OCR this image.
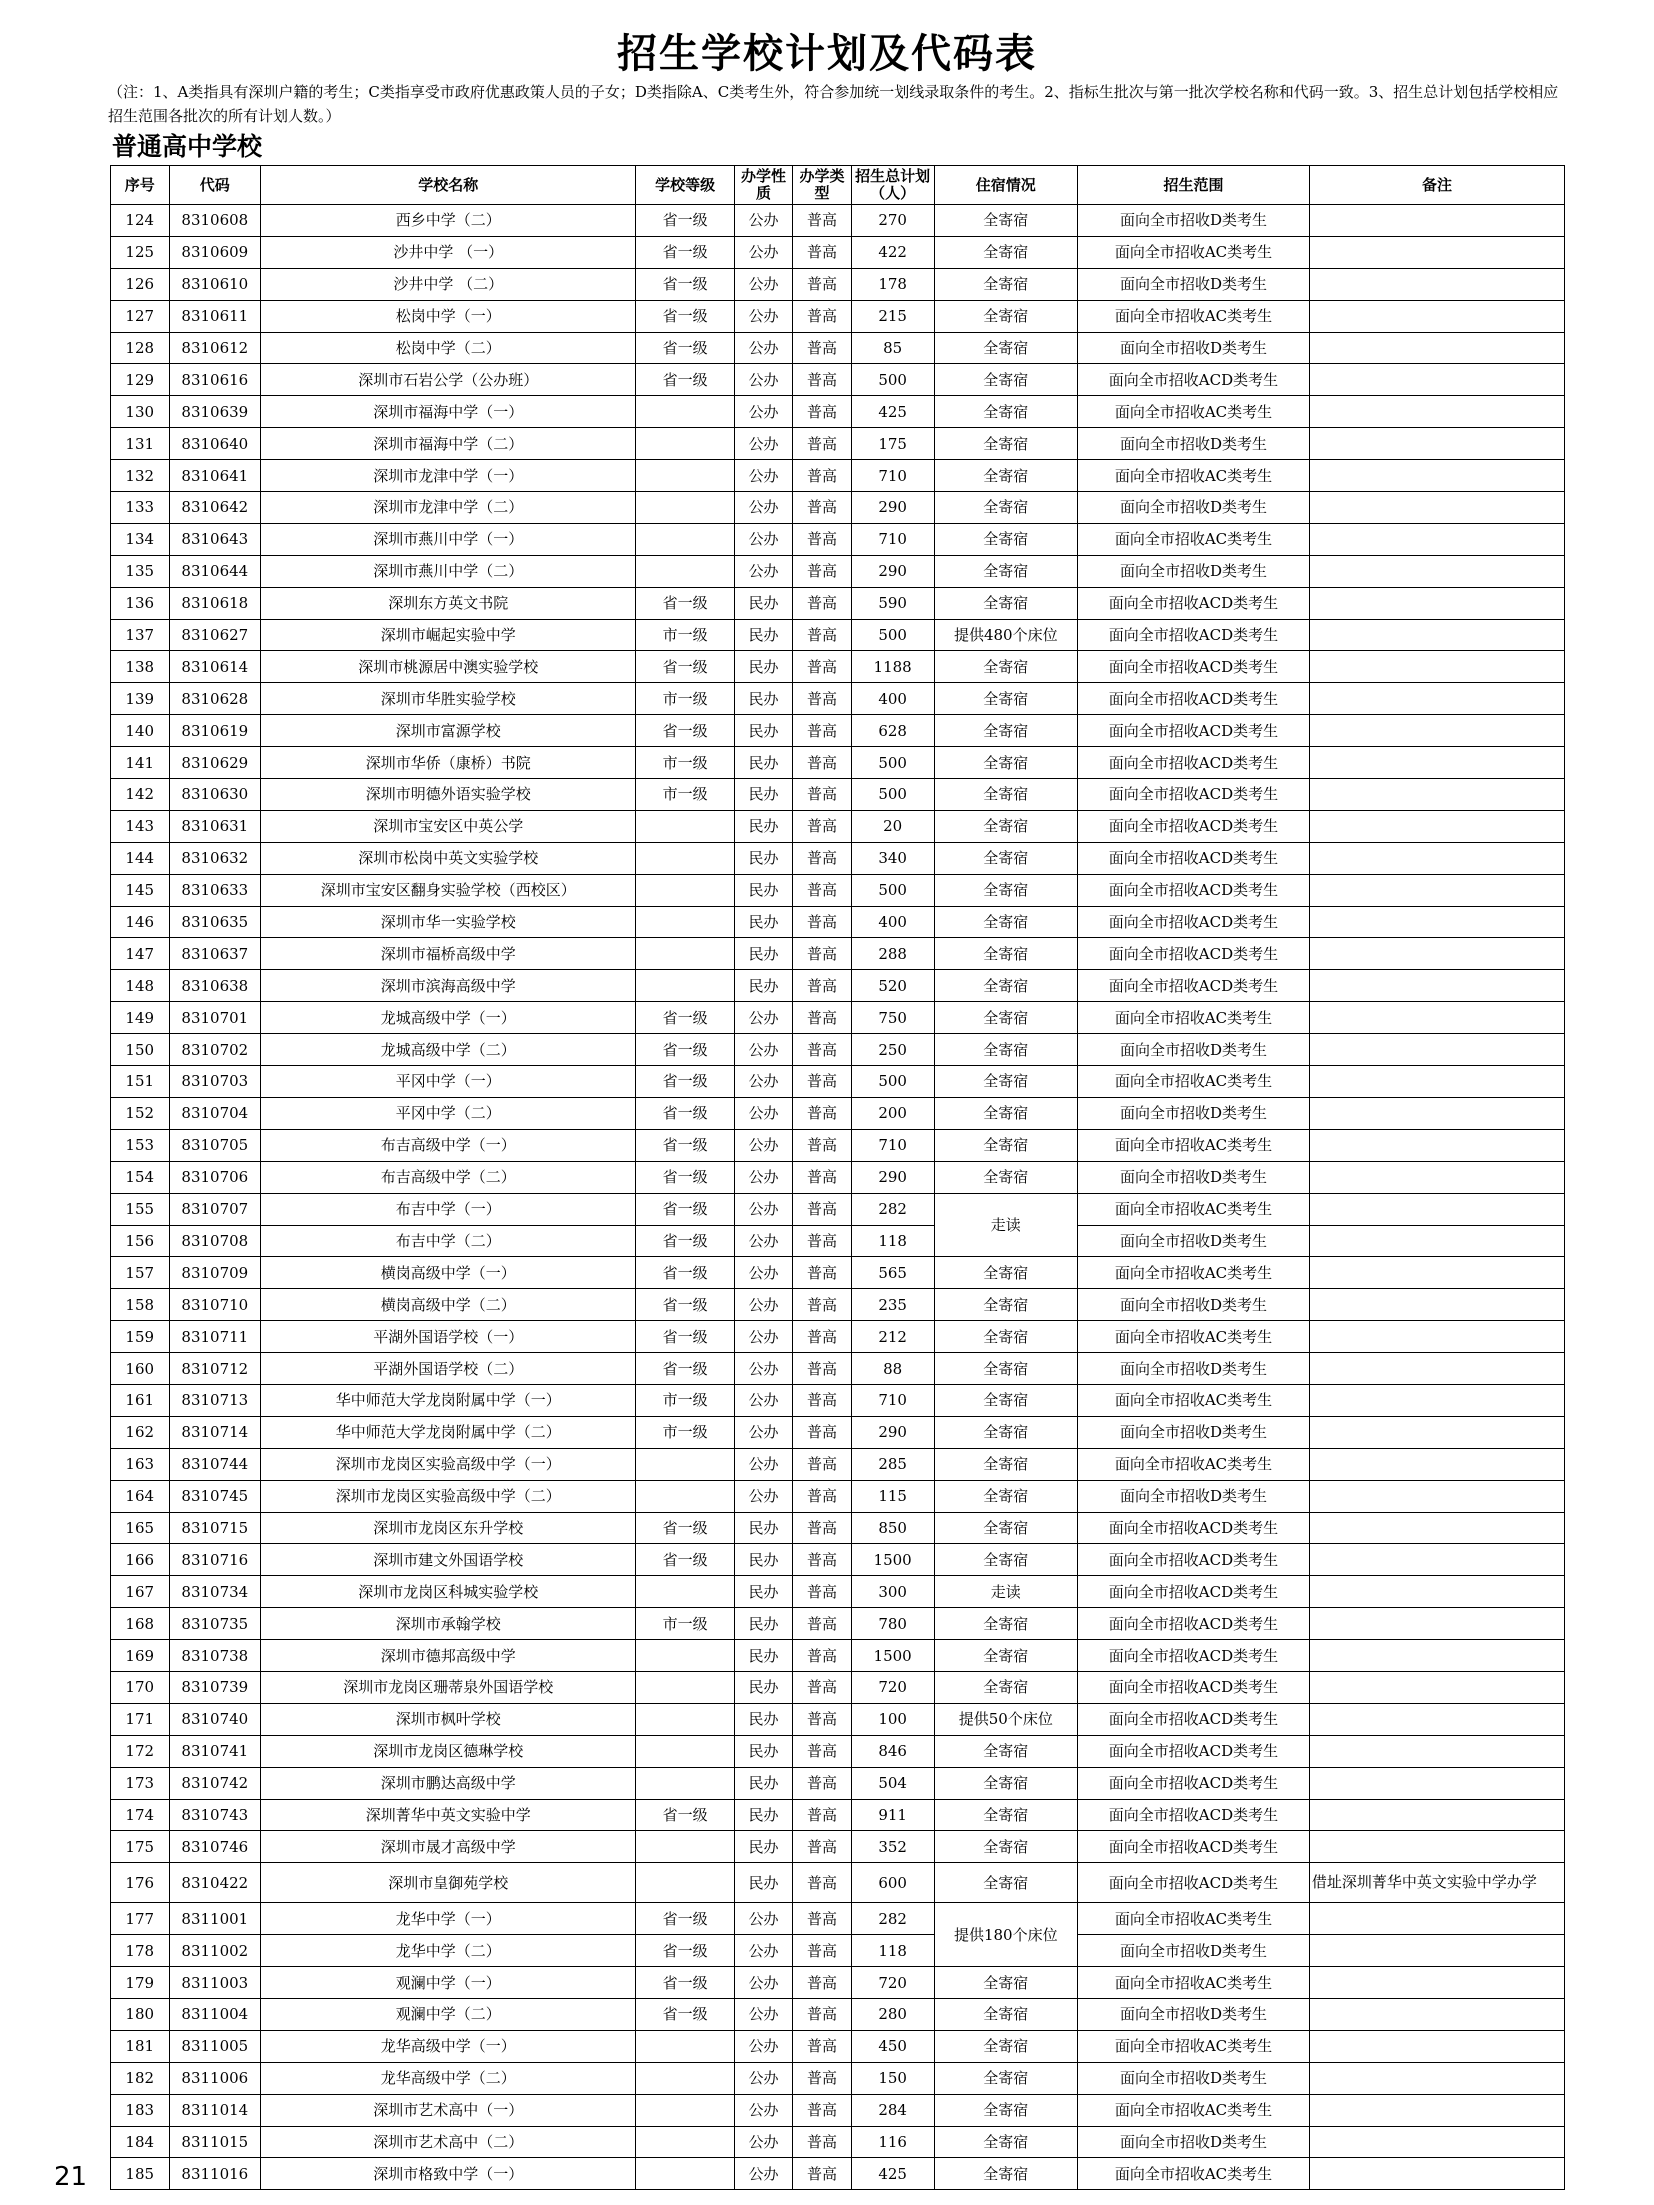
招生学校计划及代码表
（注：1、A类指具有深圳户籍的考生；C类指享受市政府优惠政策人员的子女；D类指除A、C类考生外，符合参加统一划线录取条件的考生。2、指标生批次与第一批次学校名称和代码一致。3、招生总计划包括学校相应招生范围各批次的所有计划人数。）
普通高中学校
序号	代码	学校名称	学校等级	办学性质	办学类型	招生总计划（人）	住宿情况	招生范围	备注
124	8310608	西乡中学（二）	省一级	公办	普高	270	全寄宿	面向全市招收D类考生	
125	8310609	沙井中学 （一）	省一级	公办	普高	422	全寄宿	面向全市招收AC类考生	
126	8310610	沙井中学 （二）	省一级	公办	普高	178	全寄宿	面向全市招收D类考生	
127	8310611	松岗中学（一）	省一级	公办	普高	215	全寄宿	面向全市招收AC类考生	
128	8310612	松岗中学（二）	省一级	公办	普高	85	全寄宿	面向全市招收D类考生	
129	8310616	深圳市石岩公学（公办班）	省一级	公办	普高	500	全寄宿	面向全市招收ACD类考生	
130	8310639	深圳市福海中学（一）		公办	普高	425	全寄宿	面向全市招收AC类考生	
131	8310640	深圳市福海中学（二）		公办	普高	175	全寄宿	面向全市招收D类考生	
132	8310641	深圳市龙津中学（一）		公办	普高	710	全寄宿	面向全市招收AC类考生	
133	8310642	深圳市龙津中学（二）		公办	普高	290	全寄宿	面向全市招收D类考生	
134	8310643	深圳市燕川中学（一）		公办	普高	710	全寄宿	面向全市招收AC类考生	
135	8310644	深圳市燕川中学（二）		公办	普高	290	全寄宿	面向全市招收D类考生	
136	8310618	深圳东方英文书院	省一级	民办	普高	590	全寄宿	面向全市招收ACD类考生	
137	8310627	深圳市崛起实验中学	市一级	民办	普高	500	提供480个床位	面向全市招收ACD类考生	
138	8310614	深圳市桃源居中澳实验学校	省一级	民办	普高	1188	全寄宿	面向全市招收ACD类考生	
139	8310628	深圳市华胜实验学校	市一级	民办	普高	400	全寄宿	面向全市招收ACD类考生	
140	8310619	深圳市富源学校	省一级	民办	普高	628	全寄宿	面向全市招收ACD类考生	
141	8310629	深圳市华侨（康桥）书院	市一级	民办	普高	500	全寄宿	面向全市招收ACD类考生	
142	8310630	深圳市明德外语实验学校	市一级	民办	普高	500	全寄宿	面向全市招收ACD类考生	
143	8310631	深圳市宝安区中英公学		民办	普高	20	全寄宿	面向全市招收ACD类考生	
144	8310632	深圳市松岗中英文实验学校		民办	普高	340	全寄宿	面向全市招收ACD类考生	
145	8310633	深圳市宝安区翻身实验学校（西校区）		民办	普高	500	全寄宿	面向全市招收ACD类考生	
146	8310635	深圳市华一实验学校		民办	普高	400	全寄宿	面向全市招收ACD类考生	
147	8310637	深圳市福桥高级中学		民办	普高	288	全寄宿	面向全市招收ACD类考生	
148	8310638	深圳市滨海高级中学		民办	普高	520	全寄宿	面向全市招收ACD类考生	
149	8310701	龙城高级中学（一）	省一级	公办	普高	750	全寄宿	面向全市招收AC类考生	
150	8310702	龙城高级中学（二）	省一级	公办	普高	250	全寄宿	面向全市招收D类考生	
151	8310703	平冈中学（一）	省一级	公办	普高	500	全寄宿	面向全市招收AC类考生	
152	8310704	平冈中学（二）	省一级	公办	普高	200	全寄宿	面向全市招收D类考生	
153	8310705	布吉高级中学（一）	省一级	公办	普高	710	全寄宿	面向全市招收AC类考生	
154	8310706	布吉高级中学（二）	省一级	公办	普高	290	全寄宿	面向全市招收D类考生	
155	8310707	布吉中学（一）	省一级	公办	普高	282	走读	面向全市招收AC类考生	
156	8310708	布吉中学（二）	省一级	公办	普高	118		面向全市招收D类考生	
157	8310709	横岗高级中学（一）	省一级	公办	普高	565	全寄宿	面向全市招收AC类考生	
158	8310710	横岗高级中学（二）	省一级	公办	普高	235	全寄宿	面向全市招收D类考生	
159	8310711	平湖外国语学校（一）	省一级	公办	普高	212	全寄宿	面向全市招收AC类考生	
160	8310712	平湖外国语学校（二）	省一级	公办	普高	88	全寄宿	面向全市招收D类考生	
161	8310713	华中师范大学龙岗附属中学（一）	市一级	公办	普高	710	全寄宿	面向全市招收AC类考生	
162	8310714	华中师范大学龙岗附属中学（二）	市一级	公办	普高	290	全寄宿	面向全市招收D类考生	
163	8310744	深圳市龙岗区实验高级中学（一）		公办	普高	285	全寄宿	面向全市招收AC类考生	
164	8310745	深圳市龙岗区实验高级中学（二）		公办	普高	115	全寄宿	面向全市招收D类考生	
165	8310715	深圳市龙岗区东升学校	省一级	民办	普高	850	全寄宿	面向全市招收ACD类考生	
166	8310716	深圳市建文外国语学校	省一级	民办	普高	1500	全寄宿	面向全市招收ACD类考生	
167	8310734	深圳市龙岗区科城实验学校		民办	普高	300	走读	面向全市招收ACD类考生	
168	8310735	深圳市承翰学校	市一级	民办	普高	780	全寄宿	面向全市招收ACD类考生	
169	8310738	深圳市德邦高级中学		民办	普高	1500	全寄宿	面向全市招收ACD类考生	
170	8310739	深圳市龙岗区珊蒂泉外国语学校		民办	普高	720	全寄宿	面向全市招收ACD类考生	
171	8310740	深圳市枫叶学校		民办	普高	100	提供50个床位	面向全市招收ACD类考生	
172	8310741	深圳市龙岗区德琳学校		民办	普高	846	全寄宿	面向全市招收ACD类考生	
173	8310742	深圳市鹏达高级中学		民办	普高	504	全寄宿	面向全市招收ACD类考生	
174	8310743	深圳菁华中英文实验中学	省一级	民办	普高	911	全寄宿	面向全市招收ACD类考生	
175	8310746	深圳市晟才高级中学		民办	普高	352	全寄宿	面向全市招收ACD类考生	
176	8310422	深圳市皇御苑学校		民办	普高	600	全寄宿	面向全市招收ACD类考生	借址深圳菁华中英文实验中学办学
177	8311001	龙华中学（一）	省一级	公办	普高	282	提供180个床位	面向全市招收AC类考生	
178	8311002	龙华中学（二）	省一级	公办	普高	118		面向全市招收D类考生	
179	8311003	观澜中学（一）	省一级	公办	普高	720	全寄宿	面向全市招收AC类考生	
180	8311004	观澜中学（二）	省一级	公办	普高	280	全寄宿	面向全市招收D类考生	
181	8311005	龙华高级中学（一）		公办	普高	450	全寄宿	面向全市招收AC类考生	
182	8311006	龙华高级中学（二）		公办	普高	150	全寄宿	面向全市招收D类考生	
183	8311014	深圳市艺术高中（一）		公办	普高	284	全寄宿	面向全市招收AC类考生	
184	8311015	深圳市艺术高中（二）		公办	普高	116	全寄宿	面向全市招收D类考生	
185	8311016	深圳市格致中学（一）		公办	普高	425	全寄宿	面向全市招收AC类考生	
21
